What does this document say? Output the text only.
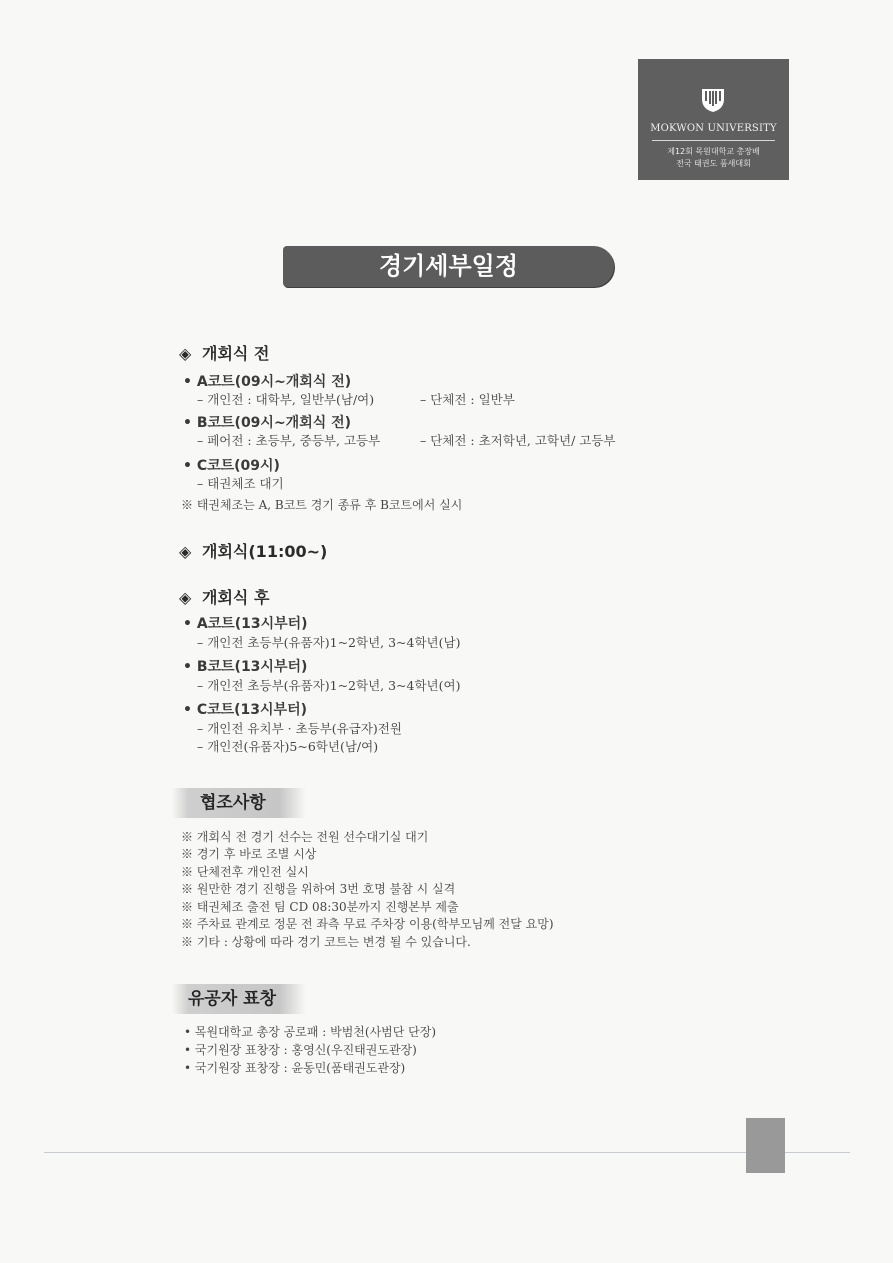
MOKWON UNIVERSITY
제12회 목원대학교 총장배
전국 태권도 품새대회
경기세부일정
◈ 개회식 전
• A코트(09시~개회식 전)
– 개인전 : 대학부, 일반부(남/여)	– 단체전 : 일반부
• B코트(09시~개회식 전)
– 페어전 : 초등부, 중등부, 고등부	– 단체전 : 초저학년, 고학년/ 고등부
• C코트(09시)
– 태권체조 대기
※ 태권체조는 A, B코트 경기 종류 후 B코트에서 실시
◈ 개회식(11:00~)
◈ 개회식 후
• A코트(13시부터)
– 개인전 초등부(유품자)1~2학년, 3~4학년(남)
• B코트(13시부터)
– 개인전 초등부(유품자)1~2학년, 3~4학년(여)
• C코트(13시부터)
– 개인전 유치부 · 초등부(유급자)전원
– 개인전(유품자)5~6학년(남/여)
협조사항
※ 개회식 전 경기 선수는 전원 선수대기실 대기
※ 경기 후 바로 조별 시상
※ 단체전후 개인전 실시
※ 원만한 경기 진행을 위하여 3번 호명 불참 시 실격
※ 태권체조 출전 팀 CD 08:30분까지 진행본부 제출
※ 주차료 관계로 정문 전 좌측 무료 주차장 이용(학부모님께 전달 요망)
※ 기타 : 상황에 따라 경기 코트는 변경 될 수 있습니다.
유공자 표창
• 목원대학교 총장 공로패 : 박범천(사범단 단장)
• 국기원장 표창장 : 홍영신(우진태권도관장)
• 국기원장 표창장 : 윤동민(품태권도관장)
